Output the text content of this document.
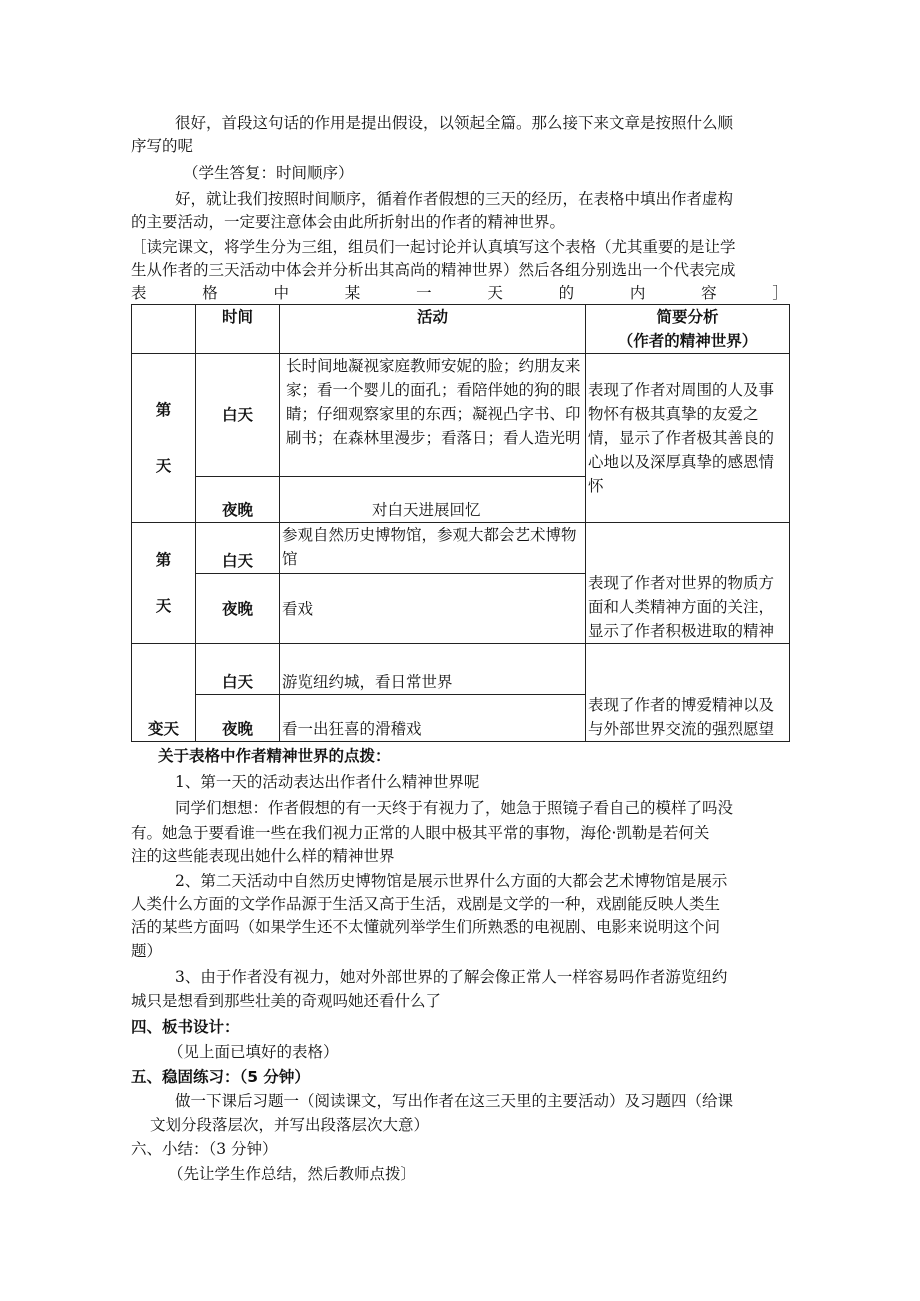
很好，首段这句话的作用是提出假设，以领起全篇。那么接下来文章是按照什么顺
序写的呢
（学生答复：时间顺序）
好，就让我们按照时间顺序，循着作者假想的三天的经历，在表格中填出作者虚构
的主要活动，一定要注意体会由此所折射出的作者的精神世界。
［读完课文，将学生分为三组，组员们一起讨论并认真填写这个表格（尤其重要的是让学
生从作者的三天活动中体会并分析出其高尚的精神世界）然后各组分别选出一个代表完成
表	格	中	某	一	天	的	内	容	］
	时间	活动	简要分析
（作者的精神世界）

第
天	白天	长时间地凝视家庭教师安妮的脸；约朋友来家；看一个婴儿的面孔；看陪伴她的狗的眼睛；仔细观察家里的东西；凝视凸字书、印刷书；在森林里漫步；看落日；看人造光明	表现了作者对周围的人及事物怀有极其真挚的友爱之情，显示了作者极其善良的心地以及深厚真挚的感恩情怀
	夜晚	对白天进展回忆	

第
天	白天	参观自然历史博物馆，参观大都会艺术博物馆	表现了作者对世界的物质方面和人类精神方面的关注，显示了作者积极进取的精神
	夜晚	看戏	
变天	白天	游览纽约城，看日常世界	表现了作者的博爱精神以及与外部世界交流的强烈愿望
	夜晚	看一出狂喜的滑稽戏	
关于表格中作者精神世界的点拨：
1、第一天的活动表达出作者什么精神世界呢
同学们想想：作者假想的有一天终于有视力了，她急于照镜子看自己的模样了吗没
有。她急于要看谁一些在我们视力正常的人眼中极其平常的事物，海伦·凯勒是若何关
注的这些能表现出她什么样的精神世界
2、第二天活动中自然历史博物馆是展示世界什么方面的大都会艺术博物馆是展示
人类什么方面的文学作品源于生活又高于生活，戏剧是文学的一种，戏剧能反映人类生
活的某些方面吗（如果学生还不太懂就列举学生们所熟悉的电视剧、电影来说明这个问
题）
3、由于作者没有视力，她对外部世界的了解会像正常人一样容易吗作者游览纽约
城只是想看到那些壮美的奇观吗她还看什么了
四、板书设计：
（见上面已填好的表格）
五、稳固练习：（5 分钟）
做一下课后习题一（阅读课文，写出作者在这三天里的主要活动）及习题四（给课
文划分段落层次，并写出段落层次大意）
六、小结：（3 分钟）
（先让学生作总结，然后教师点拨〕
